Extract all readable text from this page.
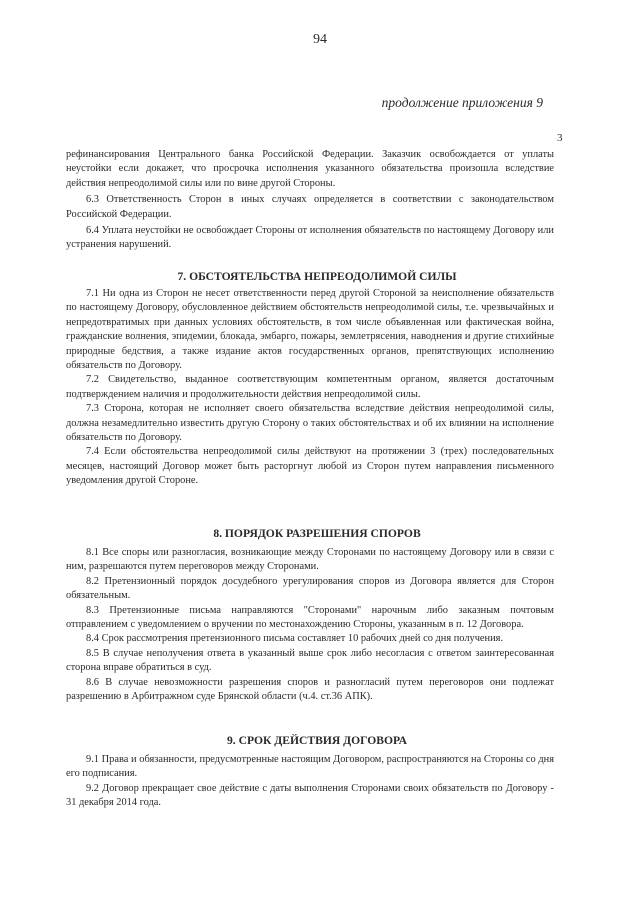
94
продолжение приложения 9
3

рефинансирования Центрального банка Российской Федерации. Заказчик освобождается от уплаты неустойки если докажет, что просрочка исполнения указанного обязательства произошла вследствие действия непреодолимой силы или по вине другой Стороны.

6.3 Ответственность Сторон в иных случаях определяется в соответствии с законодательством Российской Федерации.

6.4 Уплата неустойки не освобождает Стороны от исполнения обязательств по настоящему Договору или устранения нарушений.

7. ОБСТОЯТЕЛЬСТВА НЕПРЕОДОЛИМОЙ СИЛЫ

7.1 Ни одна из Сторон не несет ответственности перед другой Стороной за неисполнение обязательств по настоящему Договору, обусловленное действием обстоятельств непреодолимой силы, т.е. чрезвычайных и непредотвратимых при данных условиях обстоятельств, в том числе объявленная или фактическая война, гражданские волнения, эпидемии, блокада, эмбарго, пожары, землетрясения, наводнения и другие стихийные природные бедствия, а также издание актов государственных органов, препятствующих исполнению обязательств по Договору.

7.2 Свидетельство, выданное соответствующим компетентным органом, является достаточным подтверждением наличия и продолжительности действия непреодолимой силы.

7.3 Сторона, которая не исполняет своего обязательства вследствие действия непреодолимой силы, должна незамедлительно известить другую Сторону о таких обстоятельствах и об их влиянии на исполнение обязательств по Договору.

7.4 Если обстоятельства непреодолимой силы действуют на протяжении 3 (трех) последовательных месяцев, настоящий Договор может быть расторгнут любой из Сторон путем направления письменного уведомления другой Стороне.

8. ПОРЯДОК РАЗРЕШЕНИЯ СПОРОВ

8.1 Все споры или разногласия, возникающие между Сторонами по настоящему Договору или в связи с ним, разрешаются путем переговоров между Сторонами.

8.2 Претензионный порядок досудебного урегулирования споров из Договора является для Сторон обязательным.

8.3 Претензионные письма направляются "Сторонами" нарочным либо заказным почтовым отправлением с уведомлением о вручении по местонахождению Стороны, указанным в п. 12 Договора.

8.4 Срок рассмотрения претензионного письма составляет 10 рабочих дней со дня получения.

8.5 В случае неполучения ответа в указанный выше срок либо несогласия с ответом заинтересованная сторона вправе обратиться в суд.

8.6 В случае невозможности разрешения споров и разногласий путем переговоров они подлежат разрешению в Арбитражном суде Брянской области (ч.4. ст.36 АПК).

9. СРОК ДЕЙСТВИЯ ДОГОВОРА

9.1 Права и обязанности, предусмотренные настоящим Договором, распространяются на Стороны со дня его подписания.

9.2 Договор прекращает свое действие с даты выполнения Сторонами своих обязательств по Договору - 31 декабря 2014 года.
